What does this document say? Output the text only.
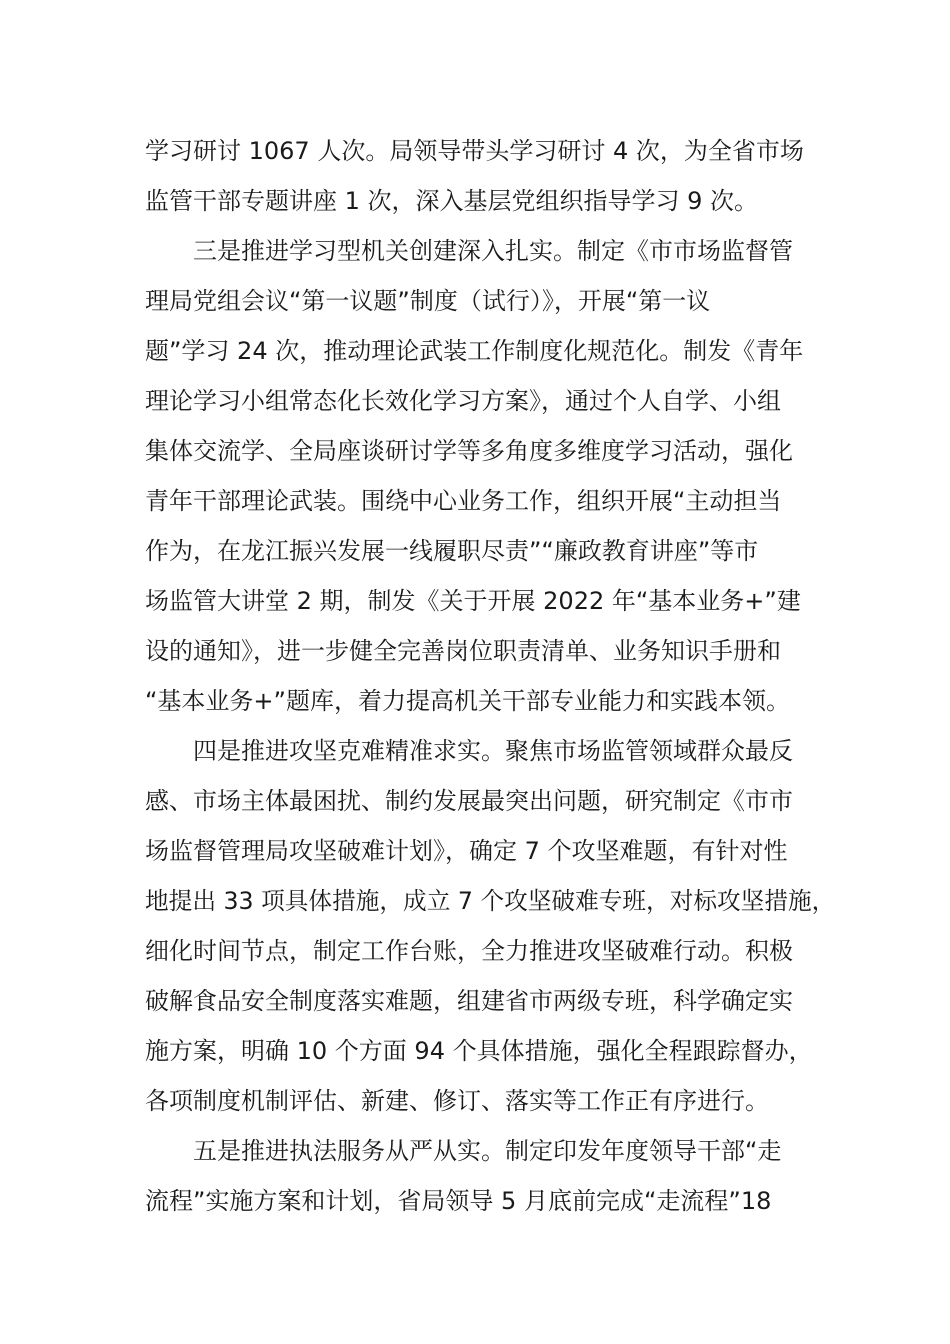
学习研讨 1067 人次。局领导带头学习研讨 4 次，为全省市场
监管干部专题讲座 1 次，深入基层党组织指导学习 9 次。
三是推进学习型机关创建深入扎实。制定《市市场监督管
理局党组会议“第一议题”制度（试行）》，开展“第一议
题”学习 24 次，推动理论武装工作制度化规范化。制发《青年
理论学习小组常态化长效化学习方案》，通过个人自学、小组
集体交流学、全局座谈研讨学等多角度多维度学习活动，强化
青年干部理论武装。围绕中心业务工作，组织开展“主动担当
作为，在龙江振兴发展一线履职尽责”“廉政教育讲座”等市
场监管大讲堂 2 期，制发《关于开展 2022 年“基本业务+”建
设的通知》，进一步健全完善岗位职责清单、业务知识手册和
“基本业务+”题库，着力提高机关干部专业能力和实践本领。
四是推进攻坚克难精准求实。聚焦市场监管领域群众最反
感、市场主体最困扰、制约发展最突出问题，研究制定《市市
场监督管理局攻坚破难计划》，确定 7 个攻坚难题，有针对性
地提出 33 项具体措施，成立 7 个攻坚破难专班，对标攻坚措施，
细化时间节点，制定工作台账，全力推进攻坚破难行动。积极
破解食品安全制度落实难题，组建省市两级专班，科学确定实
施方案，明确 10 个方面 94 个具体措施，强化全程跟踪督办，
各项制度机制评估、新建、修订、落实等工作正有序进行。
五是推进执法服务从严从实。制定印发年度领导干部“走
流程”实施方案和计划，省局领导 5 月底前完成“走流程”18
